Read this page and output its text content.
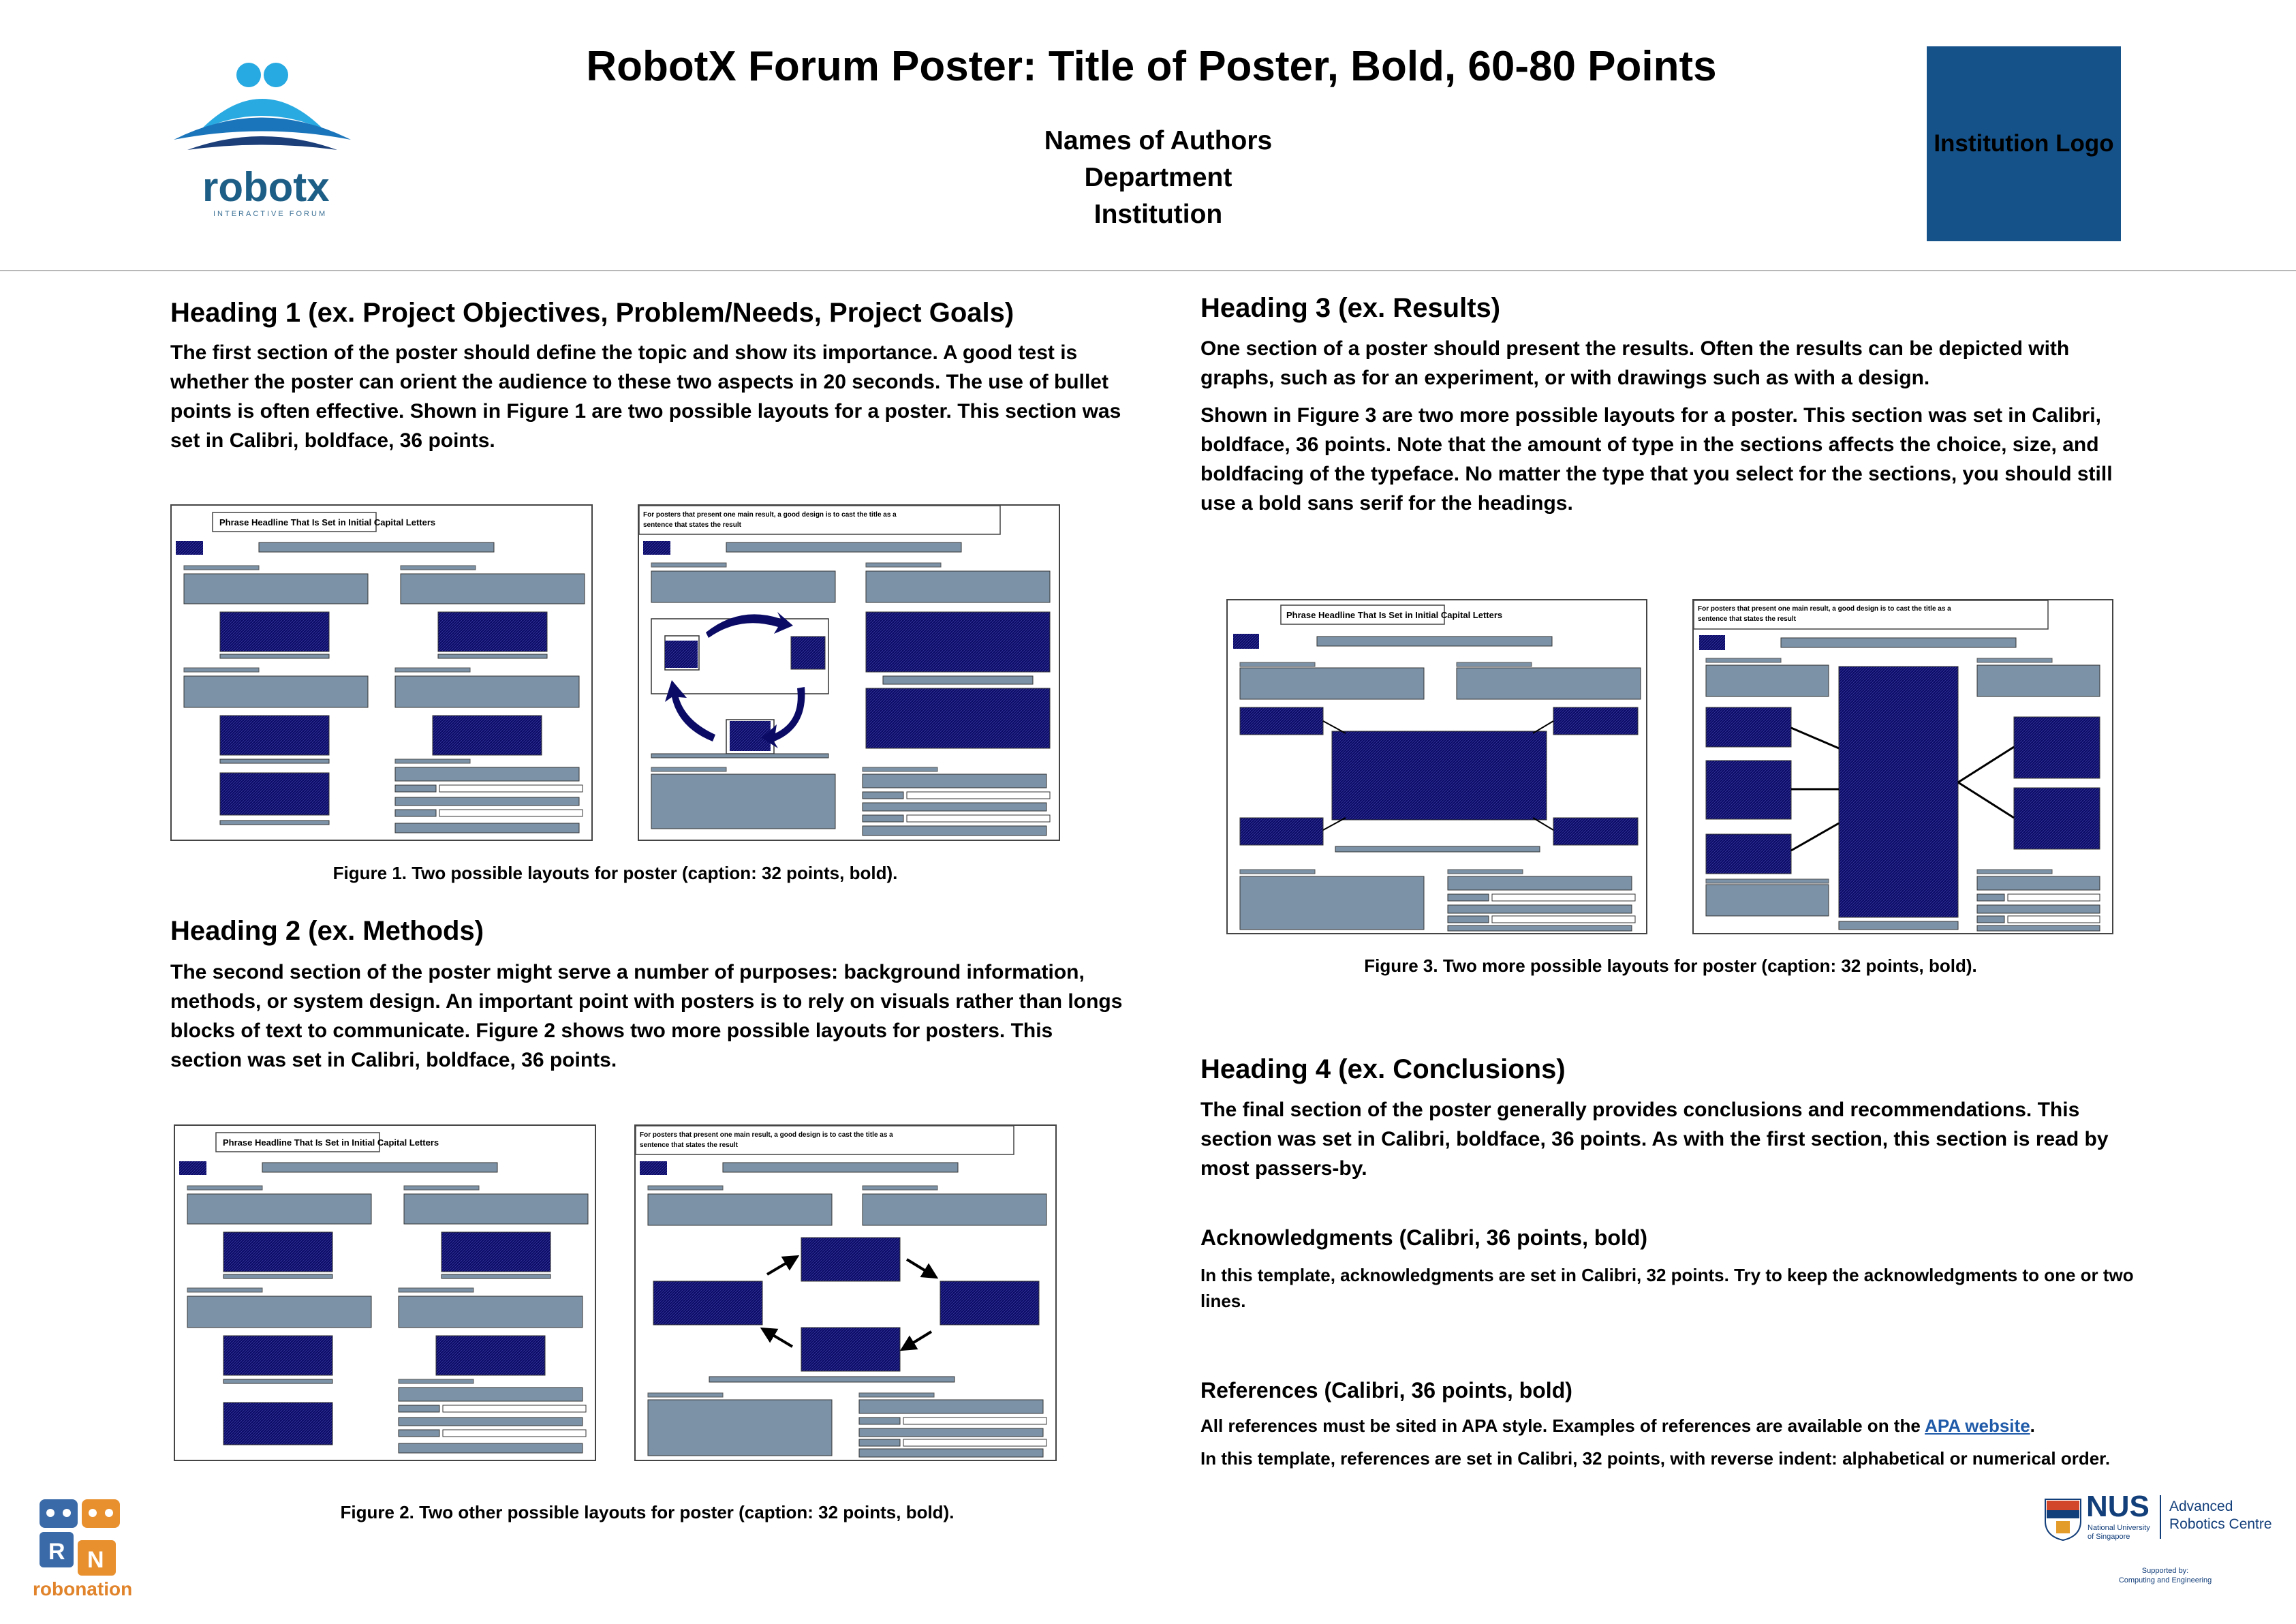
robotx
INTERACTIVE FORUM
RobotX Forum Poster: Title of Poster, Bold, 60-80 Points
Names of Authors
Department
Institution
Institution Logo
Heading 1 (ex. Project Objectives, Problem/Needs, Project Goals)

The first section of the poster should define the topic and show its importance. A good test is whether the poster can orient the audience to these two aspects in 20 seconds. The use of bullet points is often effective. Shown in Figure 1 are two possible layouts for a poster. This section was set in Calibri, boldface, 36 points.

Phrase Headline That Is Set in Initial Capital Letters
For posters that present one main result, a good design is to cast the title as a
sentence that states the result
Figure 1. Two possible layouts for poster (caption: 32 points, bold).
Heading 2 (ex. Methods)

The second section of the poster might serve a number of purposes: background information, methods, or system design. An important point with posters is to rely on visuals rather than longs blocks of text to communicate. Figure 2 shows two more possible layouts for posters. This section was set in Calibri, boldface, 36 points.

Phrase Headline That Is Set in Initial Capital Letters
For posters that present one main result, a good design is to cast the title as a
sentence that states the result
Figure 2. Two other possible layouts for poster (caption: 32 points, bold).
R N
robonation
Heading 3 (ex. Results)

One section of a poster should present the results. Often the results can be depicted with graphs, such as for an experiment, or with drawings such as with a design.

Shown in Figure 3 are two more possible layouts for a poster. This section was set in Calibri, boldface, 36 points. Note that the amount of type in the sections affects the choice, size, and boldfacing of the typeface. No matter the type that you select for the sections, you should still use a bold sans serif for the headings.

Phrase Headline That Is Set in Initial Capital Letters
For posters that present one main result, a good design is to cast the title as a
sentence that states the result
Figure 3. Two more possible layouts for poster (caption: 32 points, bold).
Heading 4 (ex. Conclusions)

The final section of the poster generally provides conclusions and recommendations. This section was set in Calibri, boldface, 36 points. As with the first section, this section is read by most passers-by.

Acknowledgments (Calibri, 36 points, bold)

In this template, acknowledgments are set in Calibri, 32 points. Try to keep the acknowledgments to one or two lines.

References (Calibri, 36 points, bold)

All references must be sited in APA style. Examples of references are available on the APA website.

In this template, references are set in Calibri, 32 points, with reverse indent: alphabetical or numerical order.

NUS
National University
of Singapore
Advanced
Robotics Centre
Supported by:
Computing and Engineering
